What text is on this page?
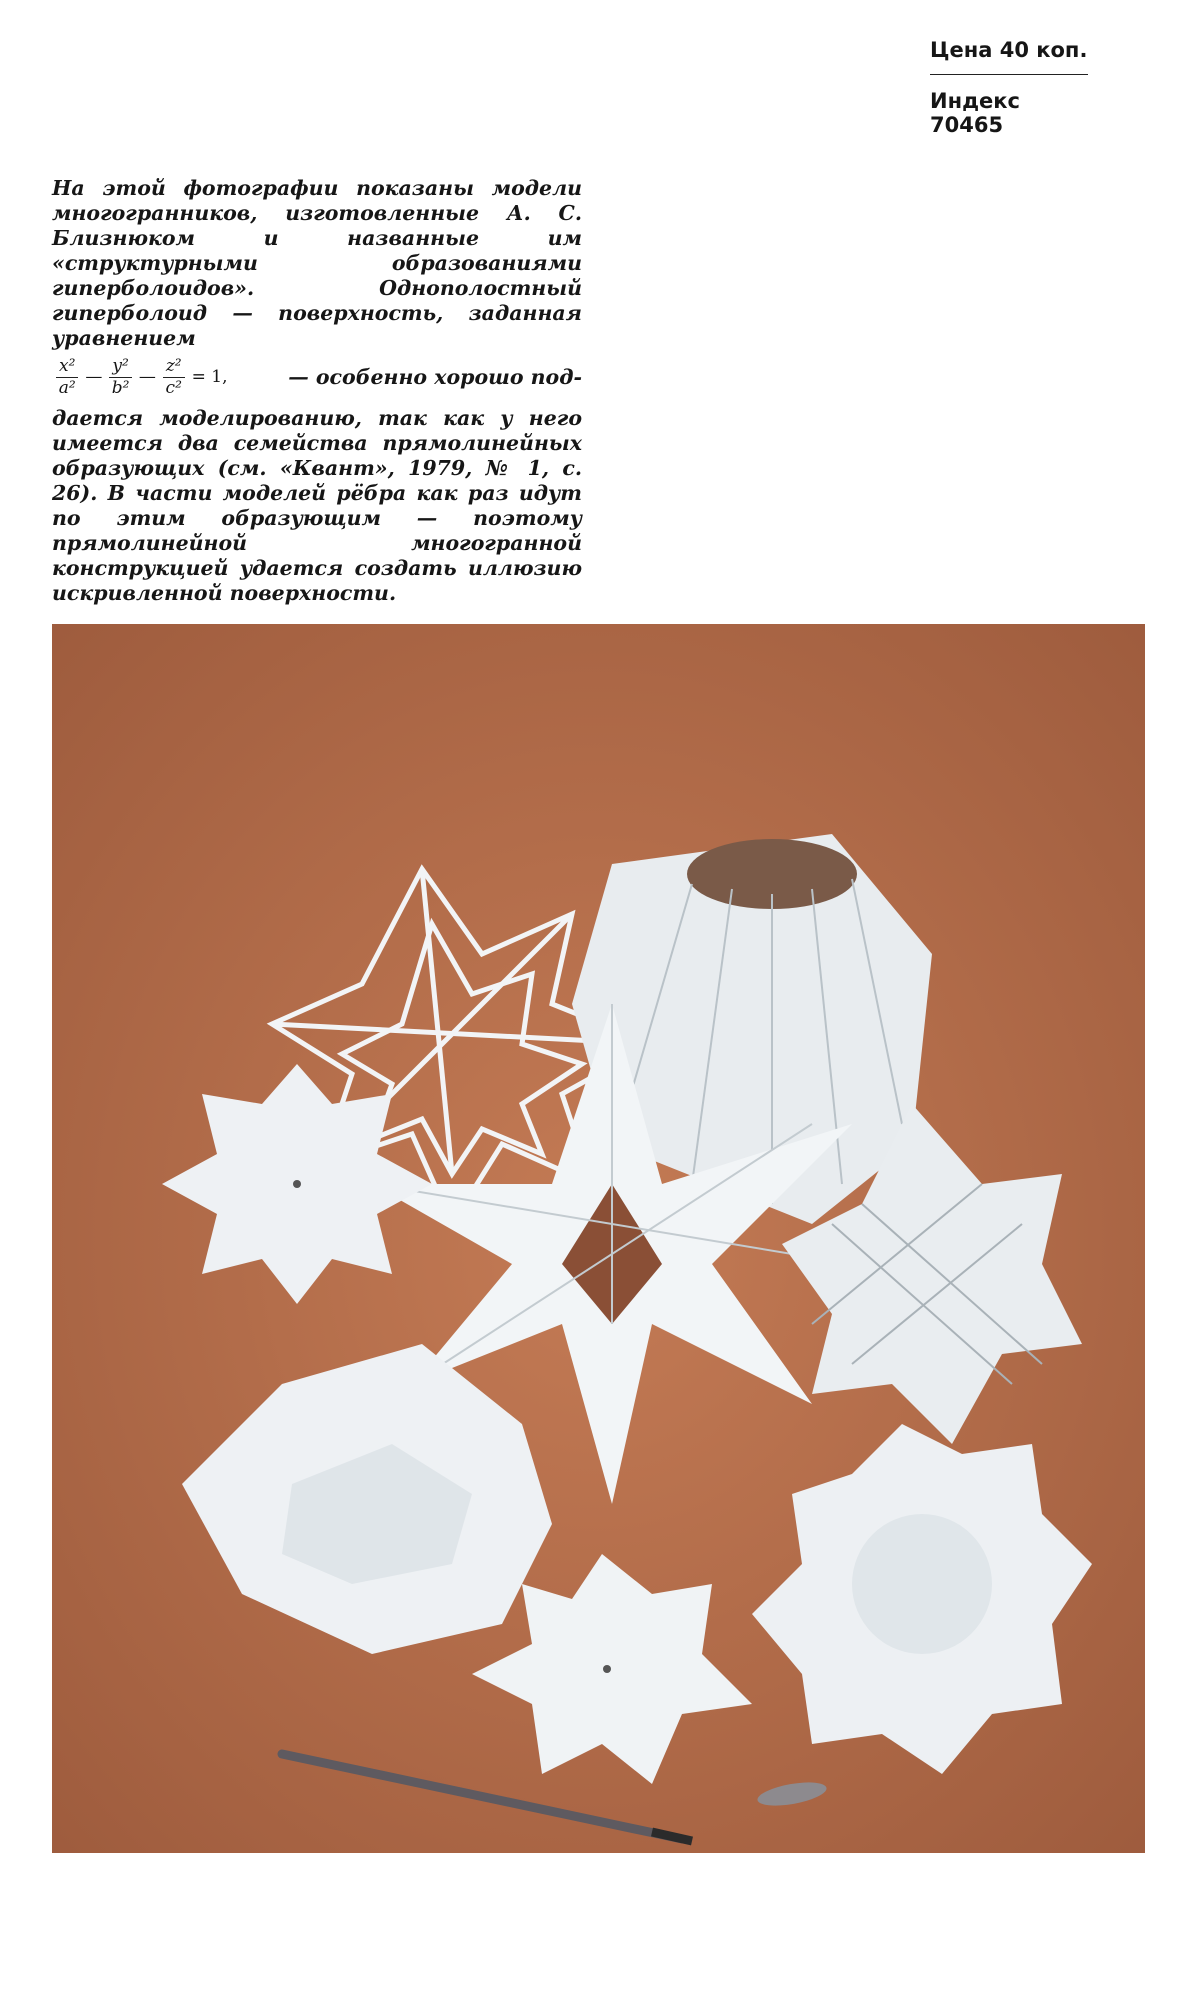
Цена 40 коп.
Индекс 70465

На этой фотографии показаны модели многогранников, изготовленные А. С. Близнюком и названные им «структурными образованиями гиперболоидов». Однополостный гиперболоид — поверхность, заданная уравнением

$\frac{\text{x²}}{\text{a²}}$ — $\frac{\text{y²}}{\text{b²}}$ — $\frac{\text{z²}}{\text{c²}} = 1$,	— особенно хорошо под-

дается моделированию, так как у него имеется два семейства прямолинейных образующих (см. «Квант», 1979, № 1, с. 26). В части моделей рёбра как раз идут по этим образующим — поэтому прямолинейной многогранной конструкцией удается создать иллюзию искривленной поверхности.
